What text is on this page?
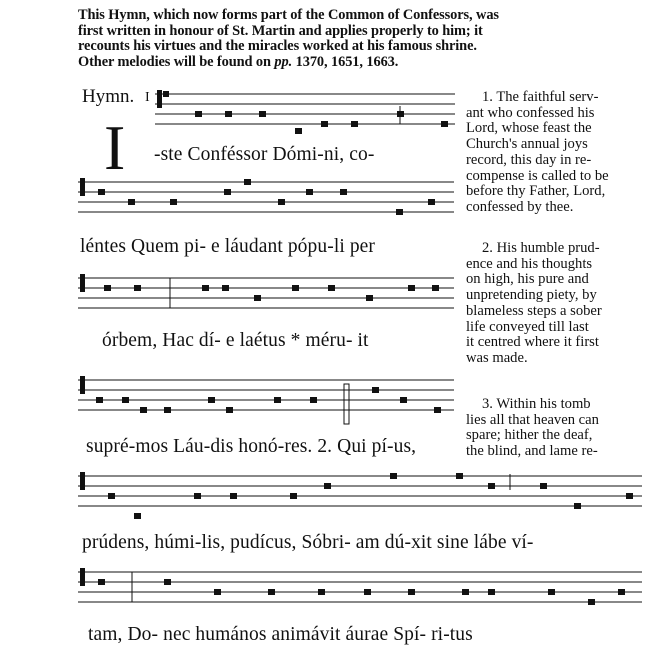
This Hymn, which now forms part of the Common of Confessors, was
first written in honour of St. Martin and applies properly to him; it
recounts his virtues and the miracles worked at his famous shrine.
Other melodies will be found on pp. 1370, 1651, 1663.
Hymn. I
I -ste Conféssor Dómi-ni, co-
léntes Quem pi- e láudant pópu-li per
órbem, Hac dí- e laétus * méru- it
supré-mos Láu-dis honó-res. 2. Qui pí-us,
prúdens, húmi-lis, pudícus, Sóbri- am dú-xit sine lábe ví-
tam, Do- nec humános animávit áurae Spí- ri-tus
1. The faithful serv-
ant who confessed his
Lord, whose feast the
Church's annual joys
record, this day in re-
compense is called to be
before thy Father, Lord,
confessed by thee.
2. His humble prud-
ence and his thoughts
on high, his pure and
unpretending piety, by
blameless steps a sober
life conveyed till last
it centred where it first
was made.
3. Within his tomb
lies all that heaven can
spare; hither the deaf,
the blind, and lame re-
